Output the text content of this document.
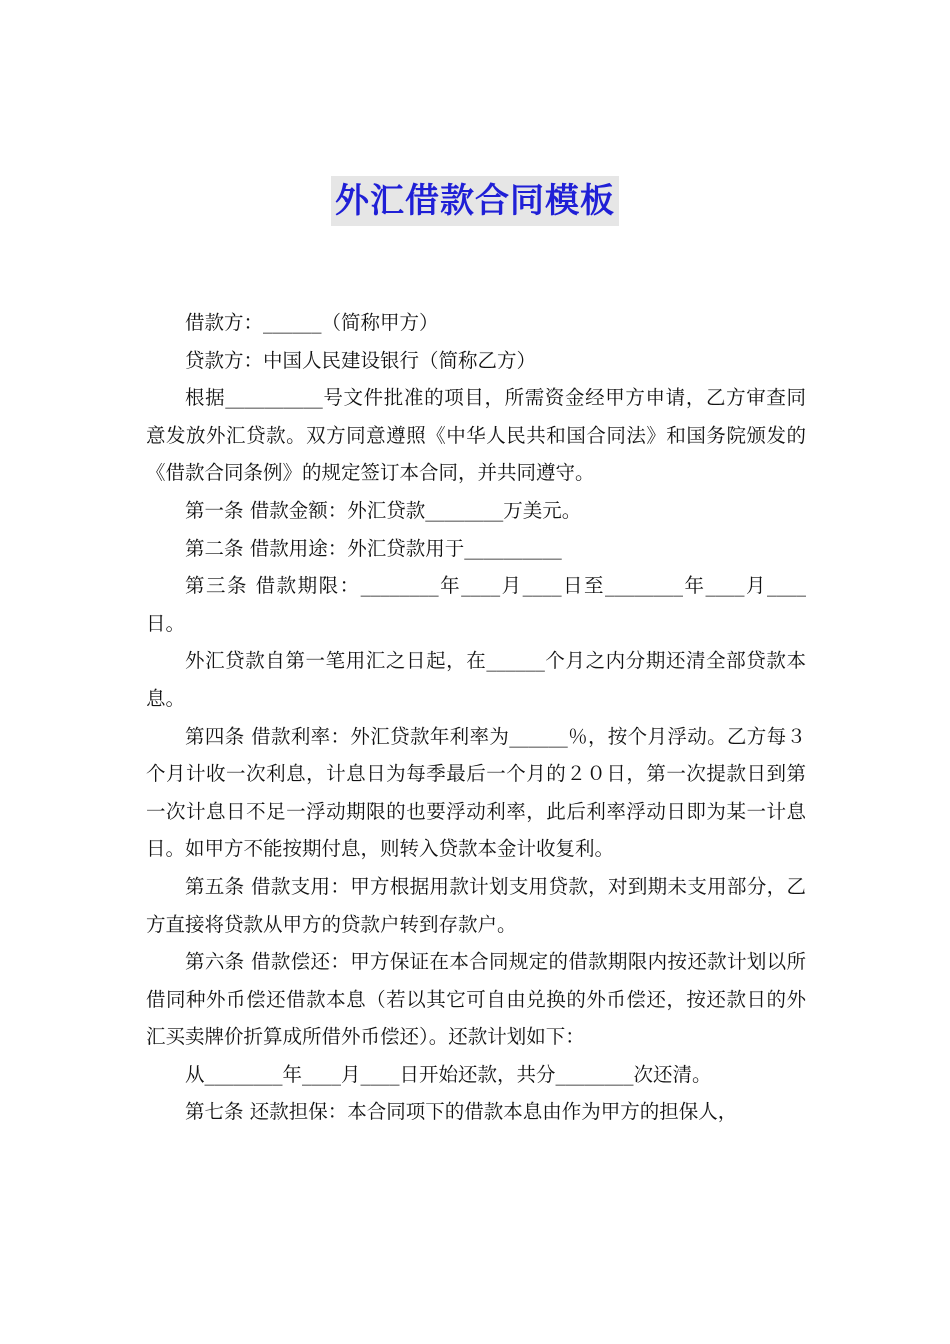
外汇借款合同模板

借款方：______（简称甲方）

贷款方：中国人民建设银行（简称乙方）

根据__________号文件批准的项目，所需资金经甲方申请，乙方审查同意发放外汇贷款。双方同意遵照《中华人民共和国合同法》和国务院颁发的《借款合同条例》的规定签订本合同，并共同遵守。

第一条 借款金额：外汇贷款________万美元。

第二条 借款用途：外汇贷款用于__________

第三条 借款期限：________年____月____日至________年____月____日。

外汇贷款自第一笔用汇之日起，在______个月之内分期还清全部贷款本息。

第四条 借款利率：外汇贷款年利率为______％，按个月浮动。乙方每３个月计收一次利息，计息日为每季最后一个月的２０日，第一次提款日到第一次计息日不足一浮动期限的也要浮动利率，此后利率浮动日即为某一计息日。如甲方不能按期付息，则转入贷款本金计收复利。

第五条 借款支用：甲方根据用款计划支用贷款，对到期未支用部分，乙方直接将贷款从甲方的贷款户转到存款户。

第六条 借款偿还：甲方保证在本合同规定的借款期限内按还款计划以所借同种外币偿还借款本息（若以其它可自由兑换的外币偿还，按还款日的外汇买卖牌价折算成所借外币偿还）。还款计划如下：

从________年____月____日开始还款，共分________次还清。

第七条 还款担保：本合同项下的借款本息由作为甲方的担保人，
